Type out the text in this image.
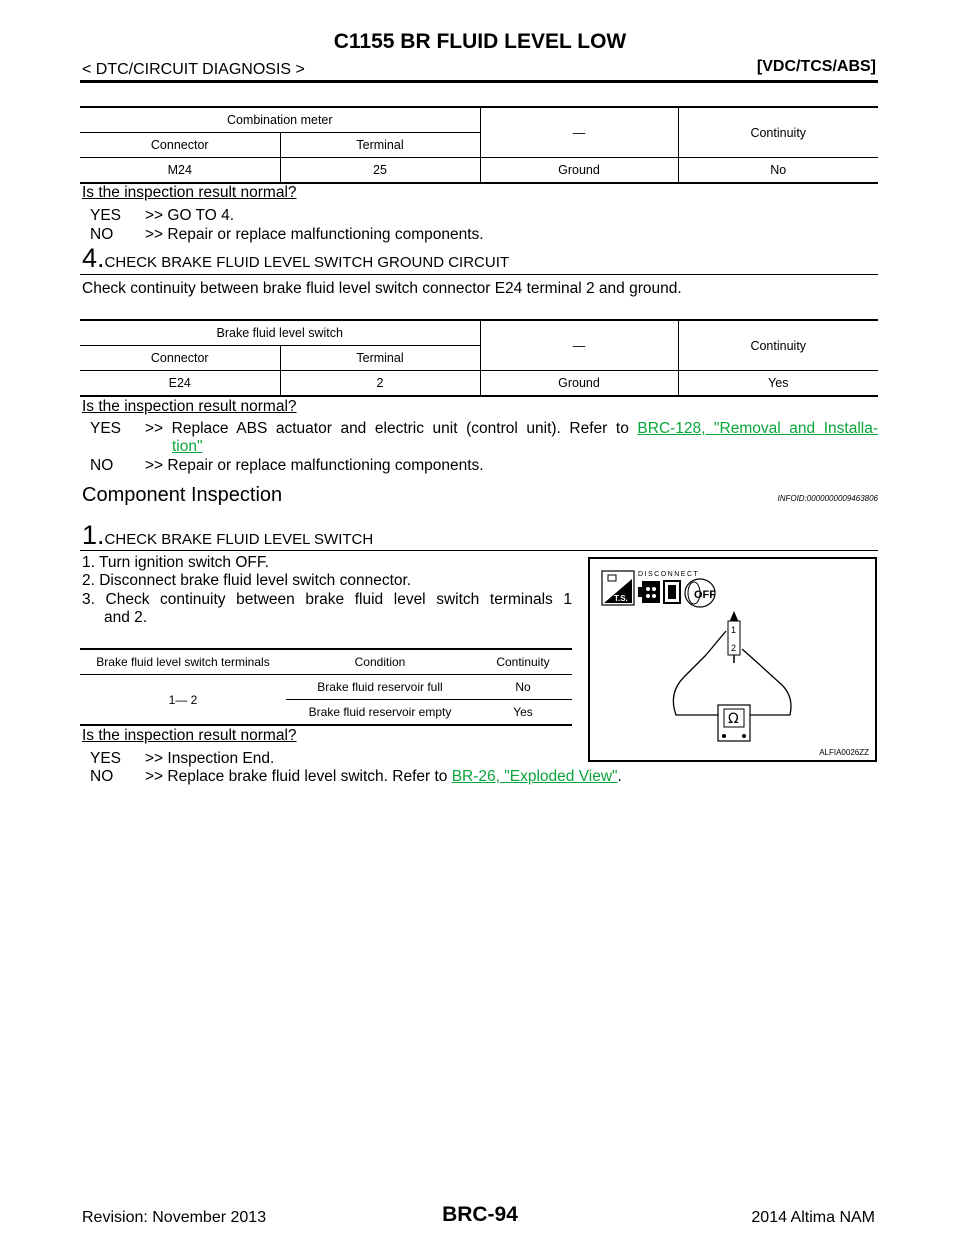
C1155 BR FLUID LEVEL LOW
< DTC/CIRCUIT DIAGNOSIS >	[VDC/TCS/ABS]
Combination meter		—	Continuity
Connector	Terminal		
M24	25	Ground	No
Is the inspection result normal?
YES >> GO TO 4.
NO >> Repair or replace malfunctioning components.
4.CHECK BRAKE FLUID LEVEL SWITCH GROUND CIRCUIT
Check continuity between brake fluid level switch connector E24 terminal 2 and ground.
Brake fluid level switch		—	Continuity
Connector	Terminal		
E24	2	Ground	Yes
Is the inspection result normal?
YES >> Replace ABS actuator and electric unit (control unit). Refer to BRC-128, "Removal and Installa-
tion"
NO >> Repair or replace malfunctioning components.
Component Inspection	INFOID:0000000009463806
1.CHECK BRAKE FLUID LEVEL SWITCH
1. Turn ignition switch OFF.
2. Disconnect brake fluid level switch connector.
3. Check continuity between brake fluid level switch terminals 1
and 2.
Brake fluid level switch terminals	Condition	Continuity
1— 2	Brake fluid reservoir full	No
	Brake fluid reservoir empty	Yes
Is the inspection result normal?
YES >> Inspection End.
NO >> Replace brake fluid level switch. Refer to BR-26, "Exploded View".
T.S.
DISCONNECT
OFF
1
2
Ω
ALFIA0026ZZ
Revision: November 2013	BRC-94	2014 Altima NAM
